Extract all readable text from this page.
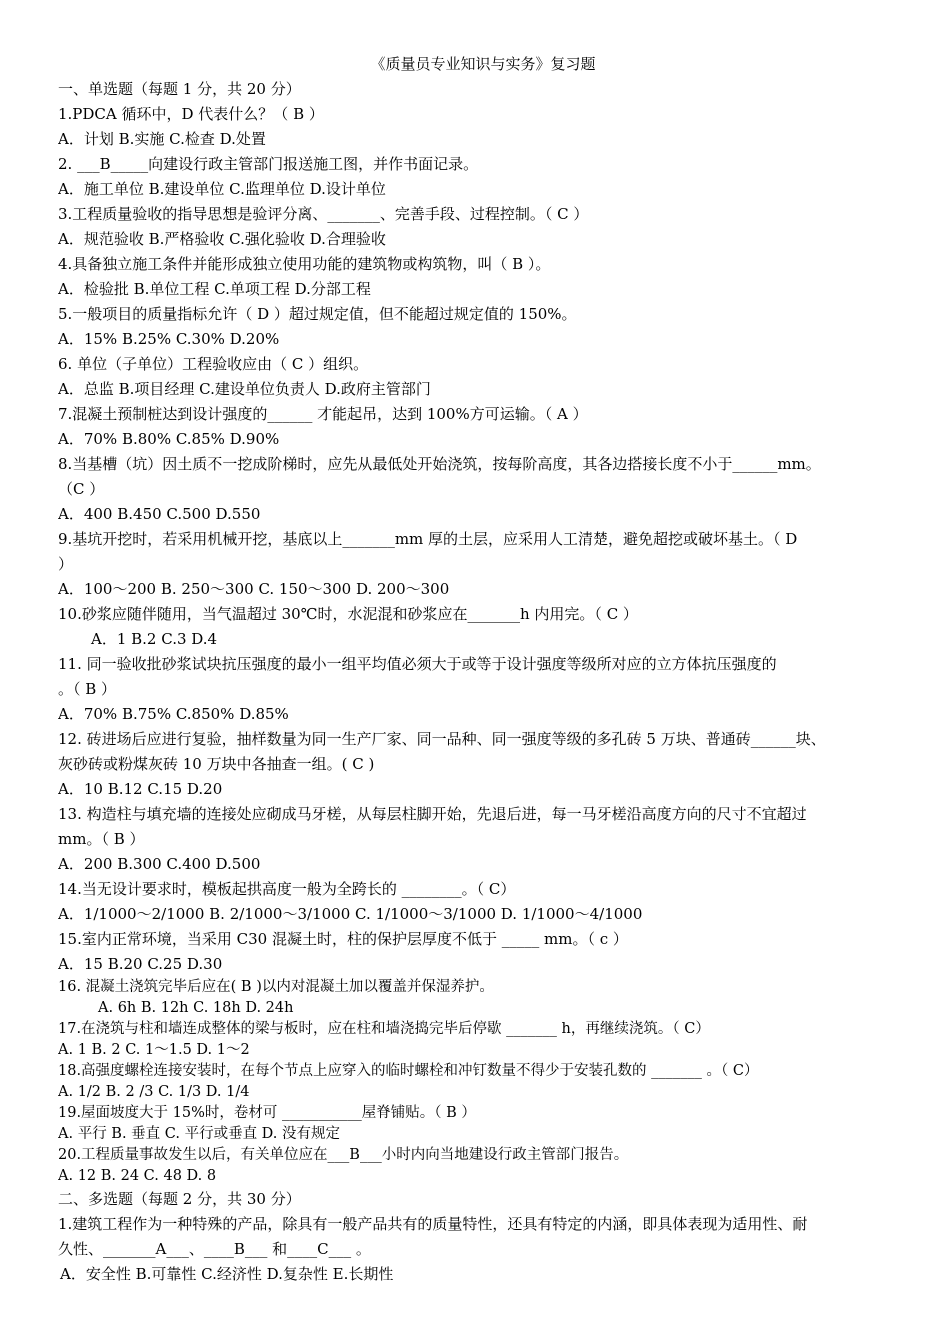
《质量员专业知识与实务》复习题
一、单选题（每题 1 分，共 20 分）
1.PDCA 循环中，D 代表什么？（ B ）
A．计划 B.实施 C.检查 D.处置
2. ___B_____向建设行政主管部门报送施工图，并作书面记录。
A．施工单位 B.建设单位 C.监理单位 D.设计单位
3.工程质量验收的指导思想是验评分离、_______、完善手段、过程控制。（ C ）
A．规范验收 B.严格验收 C.强化验收 D.合理验收
4.具备独立施工条件并能形成独立使用功能的建筑物或构筑物，叫（ B ）。
A．检验批 B.单位工程 C.单项工程 D.分部工程
5.一般项目的质量指标允许（ D ）超过规定值，但不能超过规定值的 150%。
A．15% B.25% C.30% D.20%
6. 单位（子单位）工程验收应由（ C ）组织。
A．总监 B.项目经理 C.建设单位负责人 D.政府主管部门
7.混凝土预制桩达到设计强度的______ 才能起吊，达到 100%方可运输。（ A ）
A．70% B.80% C.85% D.90%
8.当基槽（坑）因土质不一挖成阶梯时，应先从最低处开始浇筑，按每阶高度，其各边搭接长度不小于______mm。
（C ）
A．400 B.450 C.500 D.550
9.基坑开挖时，若采用机械开挖，基底以上_______mm 厚的土层，应采用人工清楚，避免超挖或破坏基土。（ D
）
A．100～200 B. 250～300 C. 150～300 D. 200～300
10.砂浆应随伴随用，当气温超过 30℃时，水泥混和砂浆应在_______h 内用完。（ C ）
A．1 B.2 C.3 D.4
11. 同一验收批砂浆试块抗压强度的最小一组平均值必须大于或等于设计强度等级所对应的立方体抗压强度的
。（ B ）
A．70% B.75% C.850% D.85%
12. 砖进场后应进行复验，抽样数量为同一生产厂家、同一品种、同一强度等级的多孔砖 5 万块、普通砖______块、
灰砂砖或粉煤灰砖 10 万块中各抽查一组。( C )
A．10 B.12 C.15 D.20
13. 构造柱与填充墙的连接处应砌成马牙槎，从每层柱脚开始，先退后进，每一马牙槎沿高度方向的尺寸不宜超过
mm。（ B ）
A．200 B.300 C.400 D.500
14.当无设计要求时，模板起拱高度一般为全跨长的 ________。（ C）
A．1/1000～2/1000 B. 2/1000～3/1000 C. 1/1000～3/1000 D. 1/1000～4/1000
15.室内正常环境，当采用 C30 混凝土时，柱的保护层厚度不低于 _____ mm。（ c ）
A．15 B.20 C.25 D.30
16. 混凝土浇筑完毕后应在( B )以内对混凝土加以覆盖并保湿养护。
A. 6h B. 12h C. 18h D. 24h
17.在浇筑与柱和墙连成整体的梁与板时，应在柱和墙浇捣完毕后停歇 _______ h，再继续浇筑。（ C）
A. 1 B. 2 C. 1～1.5 D. 1～2
18.高强度螺栓连接安装时，在每个节点上应穿入的临时螺栓和冲钉数量不得少于安装孔数的 _______ 。（ C）
A. 1/2 B. 2 /3 C. 1/3 D. 1/4
19.屋面坡度大于 15%时，卷材可 ___________屋脊铺贴。（ B ）
A. 平行 B. 垂直 C. 平行或垂直 D. 没有规定
20.工程质量事故发生以后，有关单位应在___B___小时内向当地建设行政主管部门报告。
A. 12 B. 24 C. 48 D. 8
二、多选题（每题 2 分，共 30 分）
1.建筑工程作为一种特殊的产品，除具有一般产品共有的质量特性，还具有特定的内涵，即具体表现为适用性、耐
久性、_______A___、____B___ 和____C___ 。
A．安全性 B.可靠性 C.经济性 D.复杂性 E.长期性
